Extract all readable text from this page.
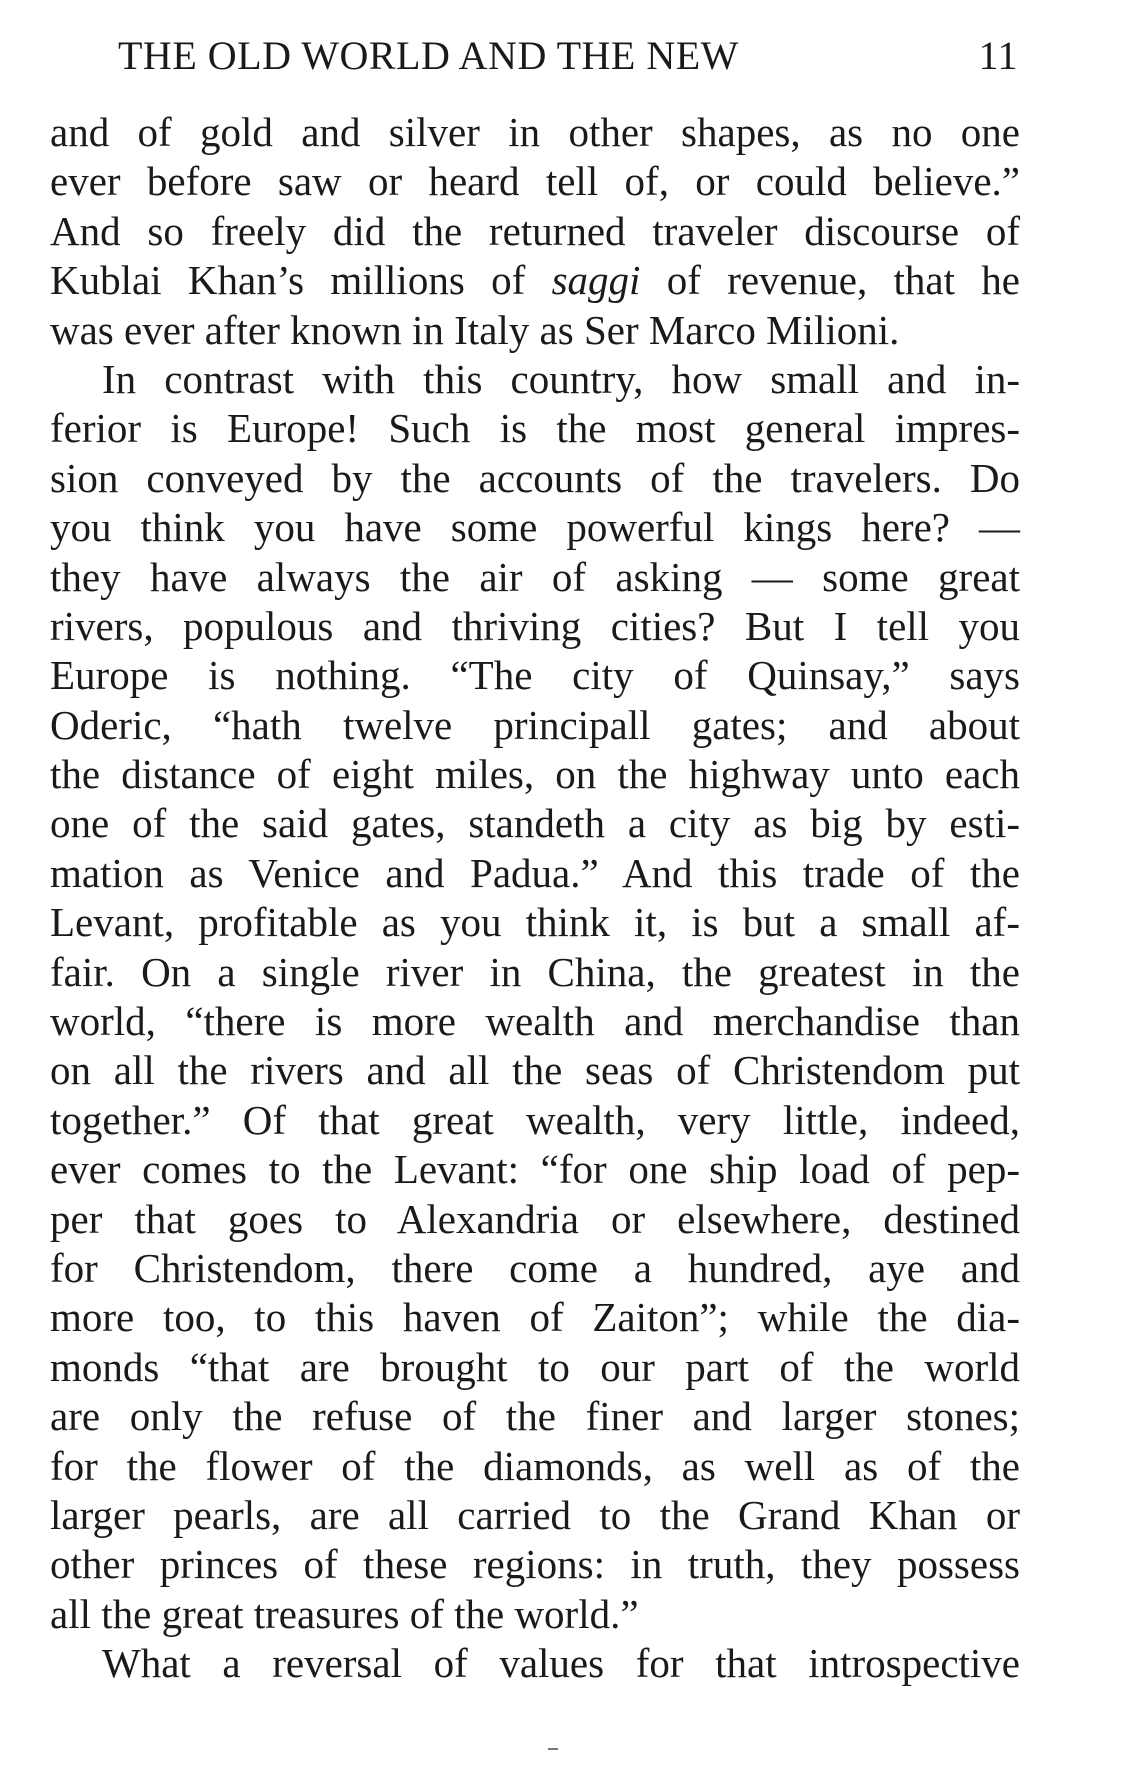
THE OLD WORLD AND THE NEW	11
and of gold and silver in other shapes, as no one
ever before saw or heard tell of, or could believe.”
And so freely did the returned traveler discourse of
Kublai Khan’s millions of saggi of revenue, that he
was ever after known in Italy as Ser Marco Milioni.
In contrast with this country, how small and in-
ferior is Europe! Such is the most general impres-
sion conveyed by the accounts of the travelers. Do
you think you have some powerful kings here? —
they have always the air of asking — some great
rivers, populous and thriving cities? But I tell you
Europe is nothing. “The city of Quinsay,” says
Oderic, “hath twelve principall gates; and about
the distance of eight miles, on the highway unto each
one of the said gates, standeth a city as big by esti-
mation as Venice and Padua.” And this trade of the
Levant, profitable as you think it, is but a small af-
fair. On a single river in China, the greatest in the
world, “there is more wealth and merchandise than
on all the rivers and all the seas of Christendom put
together.” Of that great wealth, very little, indeed,
ever comes to the Levant: “for one ship load of pep-
per that goes to Alexandria or elsewhere, destined
for Christendom, there come a hundred, aye and
more too, to this haven of Zaiton”; while the dia-
monds “that are brought to our part of the world
are only the refuse of the finer and larger stones;
for the flower of the diamonds, as well as of the
larger pearls, are all carried to the Grand Khan or
other princes of these regions: in truth, they possess
all the great treasures of the world.”
What a reversal of values for that introspective
